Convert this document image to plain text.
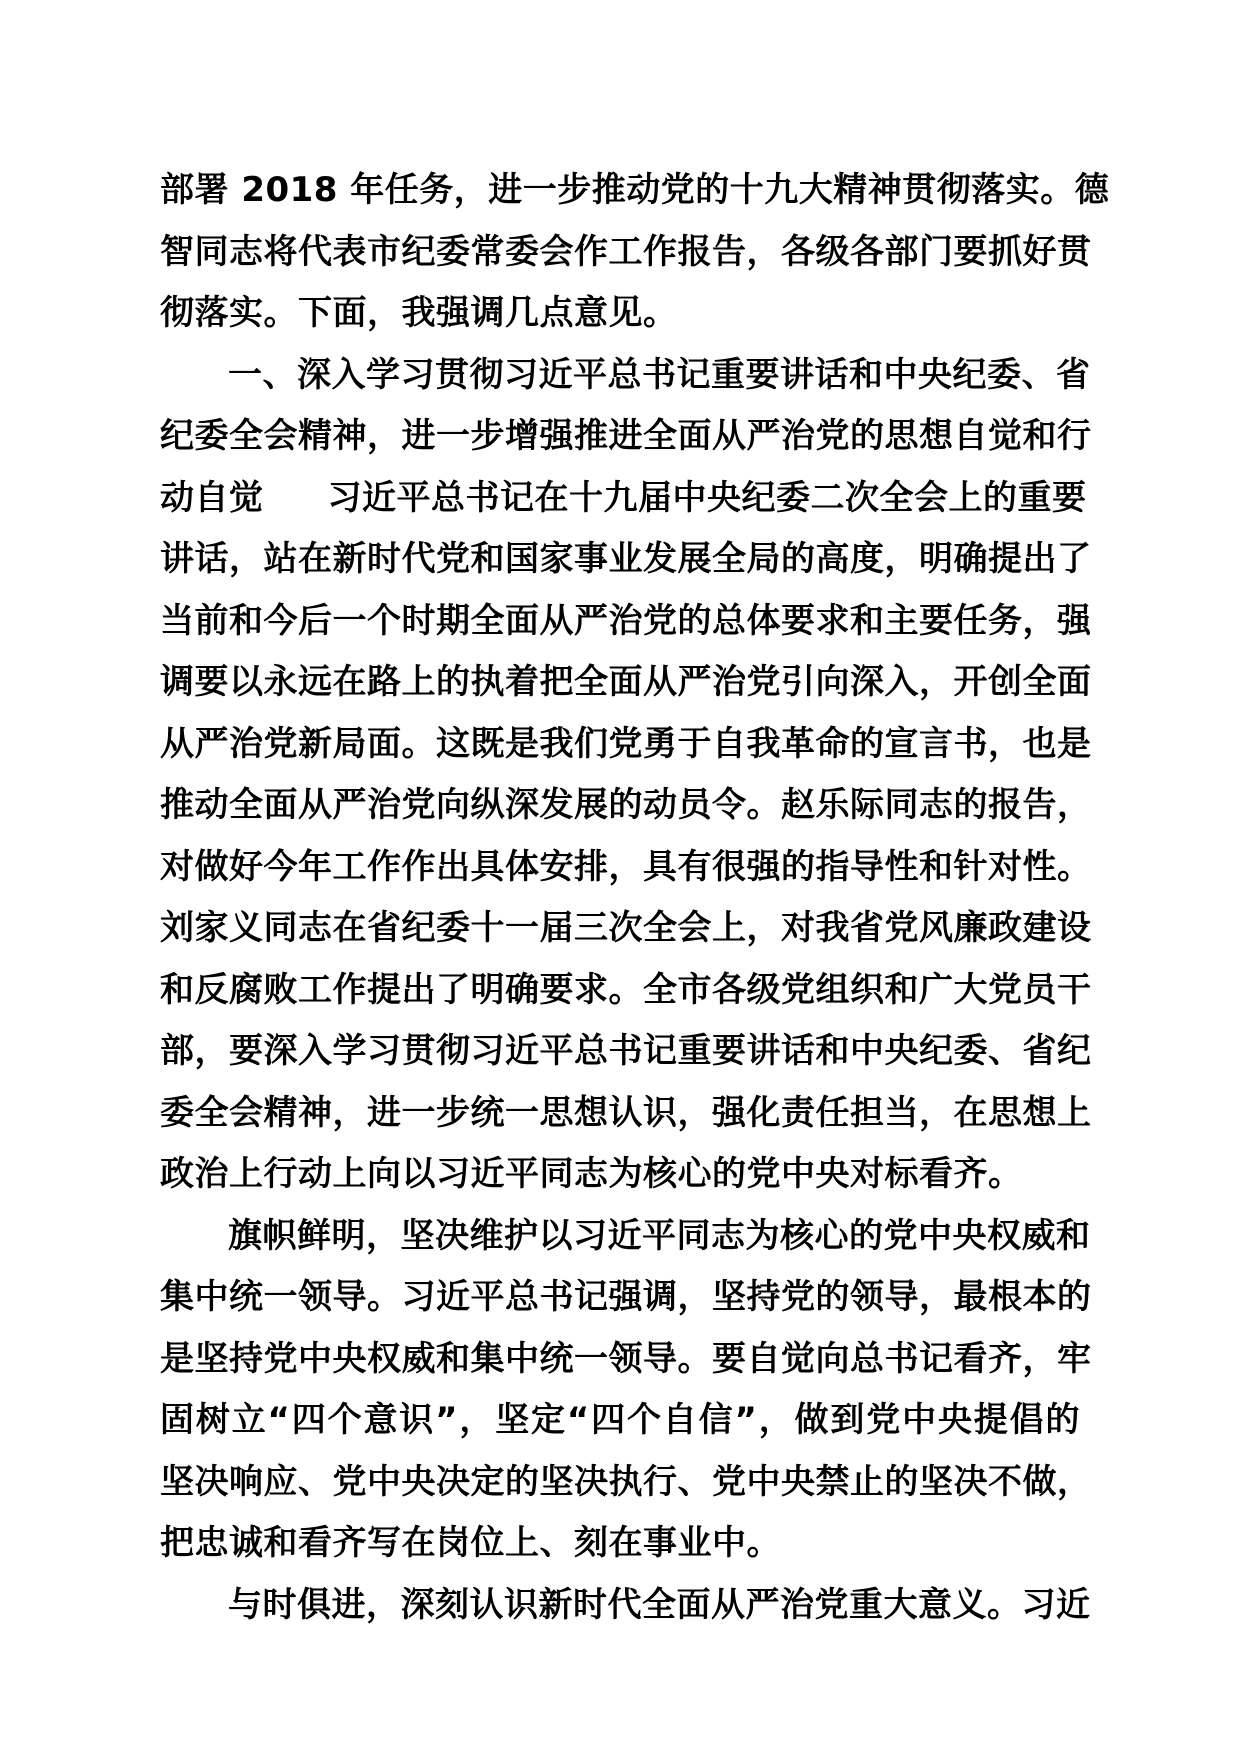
部署 2018 年任务，进一步推动党的十九大精神贯彻落实。德
智同志将代表市纪委常委会作工作报告，各级各部门要抓好贯
彻落实。下面，我强调几点意见。
一、深入学习贯彻习近平总书记重要讲话和中央纪委、省
纪委全会精神，进一步增强推进全面从严治党的思想自觉和行
动自觉 习近平总书记在十九届中央纪委二次全会上的重要
讲话，站在新时代党和国家事业发展全局的高度，明确提出了
当前和今后一个时期全面从严治党的总体要求和主要任务，强
调要以永远在路上的执着把全面从严治党引向深入，开创全面
从严治党新局面。这既是我们党勇于自我革命的宣言书，也是
推动全面从严治党向纵深发展的动员令。赵乐际同志的报告，
对做好今年工作作出具体安排，具有很强的指导性和针对性。
刘家义同志在省纪委十一届三次全会上，对我省党风廉政建设
和反腐败工作提出了明确要求。全市各级党组织和广大党员干
部，要深入学习贯彻习近平总书记重要讲话和中央纪委、省纪
委全会精神，进一步统一思想认识，强化责任担当，在思想上
政治上行动上向以习近平同志为核心的党中央对标看齐。
旗帜鲜明，坚决维护以习近平同志为核心的党中央权威和
集中统一领导。习近平总书记强调，坚持党的领导，最根本的
是坚持党中央权威和集中统一领导。要自觉向总书记看齐，牢
固树立“四个意识”，坚定“四个自信”，做到党中央提倡的
坚决响应、党中央决定的坚决执行、党中央禁止的坚决不做，
把忠诚和看齐写在岗位上、刻在事业中。
与时俱进，深刻认识新时代全面从严治党重大意义。习近
